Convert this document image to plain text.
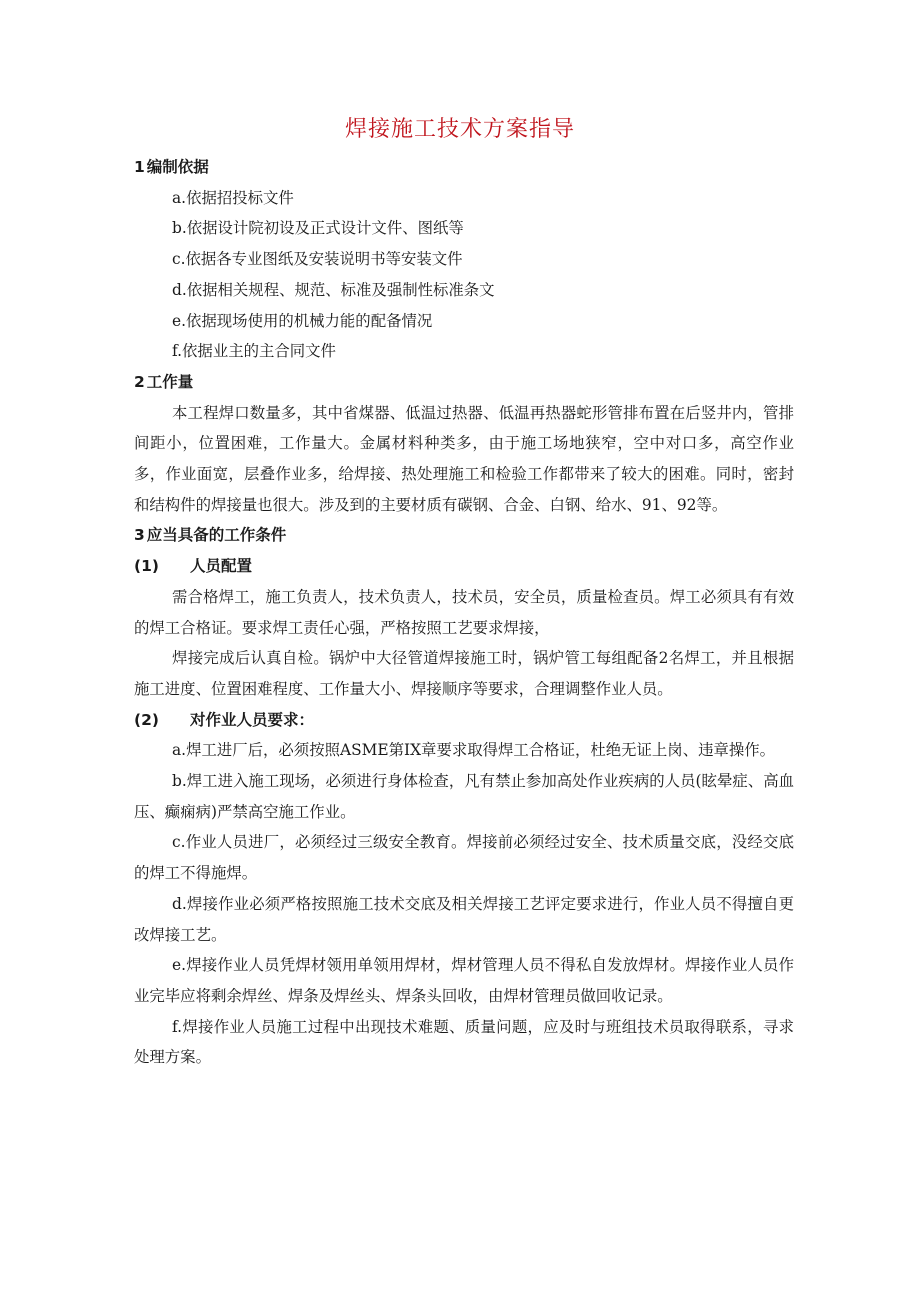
焊接施工技术方案指导
1 编制依据

a.依据招投标文件

b.依据设计院初设及正式设计文件、图纸等

c.依据各专业图纸及安装说明书等安装文件

d.依据相关规程、规范、标准及强制性标准条文

e.依据现场使用的机械力能的配备情况

f.依据业主的主合同文件

2 工作量

本工程焊口数量多，其中省煤器、低温过热器、低温再热器蛇形管排布置在后竖井内，管排间距小，位置困难，工作量大。金属材料种类多，由于施工场地狭窄，空中对口多，高空作业多，作业面宽，层叠作业多，给焊接、热处理施工和检验工作都带来了较大的困难。同时，密封和结构件的焊接量也很大。涉及到的主要材质有碳钢、合金、白钢、给水、91、92等。

3 应当具备的工作条件
(1) 人员配置

需合格焊工，施工负责人，技术负责人，技术员，安全员，质量检查员。焊工必须具有有效的焊工合格证。要求焊工责任心强，严格按照工艺要求焊接，

焊接完成后认真自检。锅炉中大径管道焊接施工时，锅炉管工每组配备2名焊工，并且根据施工进度、位置困难程度、工作量大小、焊接顺序等要求，合理调整作业人员。

(2) 对作业人员要求：

a.焊工进厂后，必须按照ASME第IX章要求取得焊工合格证，杜绝无证上岗、违章操作。

b.焊工进入施工现场，必须进行身体检查，凡有禁止参加高处作业疾病的人员(眩晕症、高血压、癫痫病)严禁高空施工作业。

c.作业人员进厂，必须经过三级安全教育。焊接前必须经过安全、技术质量交底，没经交底的焊工不得施焊。

d.焊接作业必须严格按照施工技术交底及相关焊接工艺评定要求进行，作业人员不得擅自更改焊接工艺。

e.焊接作业人员凭焊材领用单领用焊材，焊材管理人员不得私自发放焊材。焊接作业人员作业完毕应将剩余焊丝、焊条及焊丝头、焊条头回收，由焊材管理员做回收记录。

f.焊接作业人员施工过程中出现技术难题、质量问题，应及时与班组技术员取得联系，寻求处理方案。
